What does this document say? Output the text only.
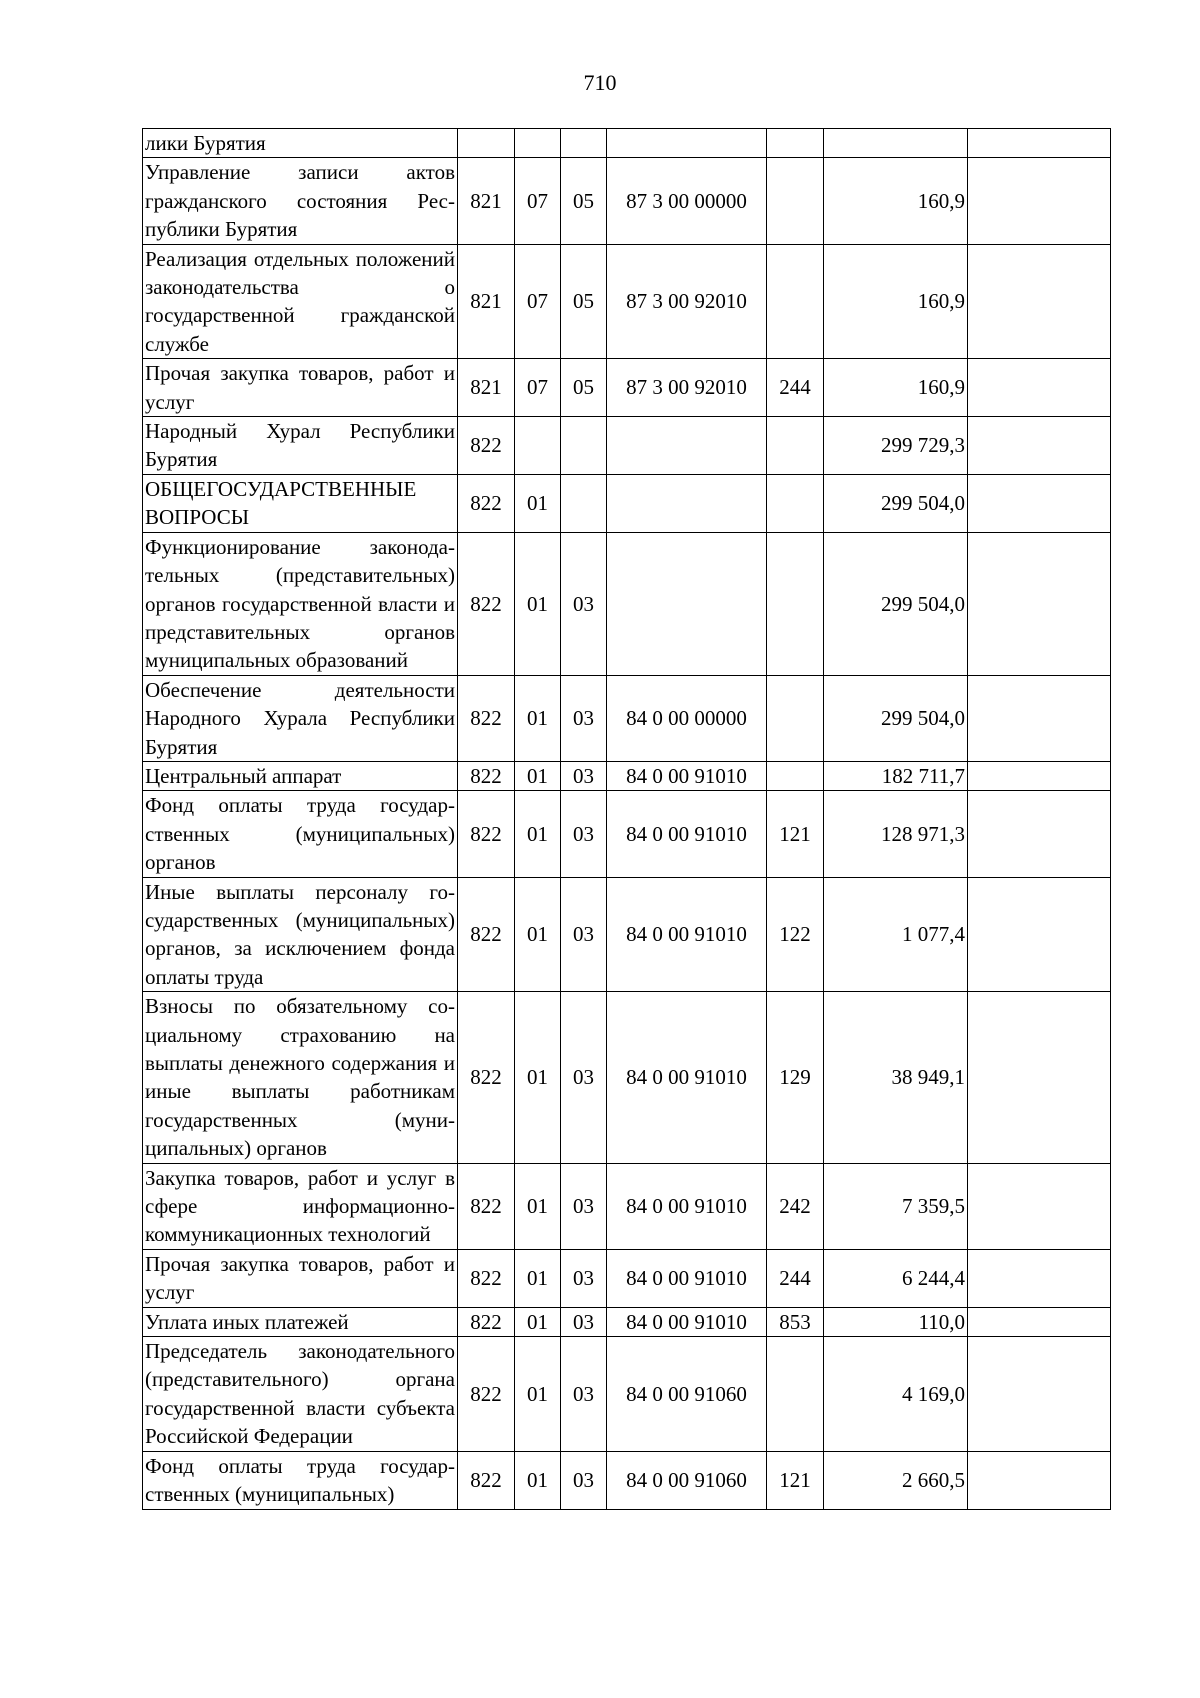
710
лики Бурятия							
Управление записи актов гражданского состояния Республики Бурятия	821	07	05	87 3 00 00000		160,9	
Реализация отдельных положений законодательства о государственной гражданской службе	821	07	05	87 3 00 92010		160,9	
Прочая закупка товаров, работ и услуг	821	07	05	87 3 00 92010	244	160,9	
Народный Хурал Республики Бурятия	822					299 729,3	
ОБЩЕГОСУДАРСТВЕННЫЕ ВОПРОСЫ	822	01				299 504,0	
Функционирование законодательных (представительных) органов государственной власти и представительных органов муниципальных образований	822	01	03			299 504,0	
Обеспечение деятельности Народного Хурала Республики Бурятия	822	01	03	84 0 00 00000		299 504,0	
Центральный аппарат	822	01	03	84 0 00 91010		182 711,7	
Фонд оплаты труда государственных (муниципальных) органов	822	01	03	84 0 00 91010	121	128 971,3	
Иные выплаты персоналу государственных (муниципальных) органов, за исключением фонда оплаты труда	822	01	03	84 0 00 91010	122	1 077,4	
Взносы по обязательному социальному страхованию на выплаты денежного содержания и иные выплаты работникам государственных (муниципальных) органов	822	01	03	84 0 00 91010	129	38 949,1	
Закупка товаров, работ и услуг в сфере информационно-коммуникационных технологий	822	01	03	84 0 00 91010	242	7 359,5	
Прочая закупка товаров, работ и услуг	822	01	03	84 0 00 91010	244	6 244,4	
Уплата иных платежей	822	01	03	84 0 00 91010	853	110,0	
Председатель законодательного (представительного) органа государственной власти субъекта Российской Федерации	822	01	03	84 0 00 91060		4 169,0	
Фонд оплаты труда государственных (муниципальных)	822	01	03	84 0 00 91060	121	2 660,5	
